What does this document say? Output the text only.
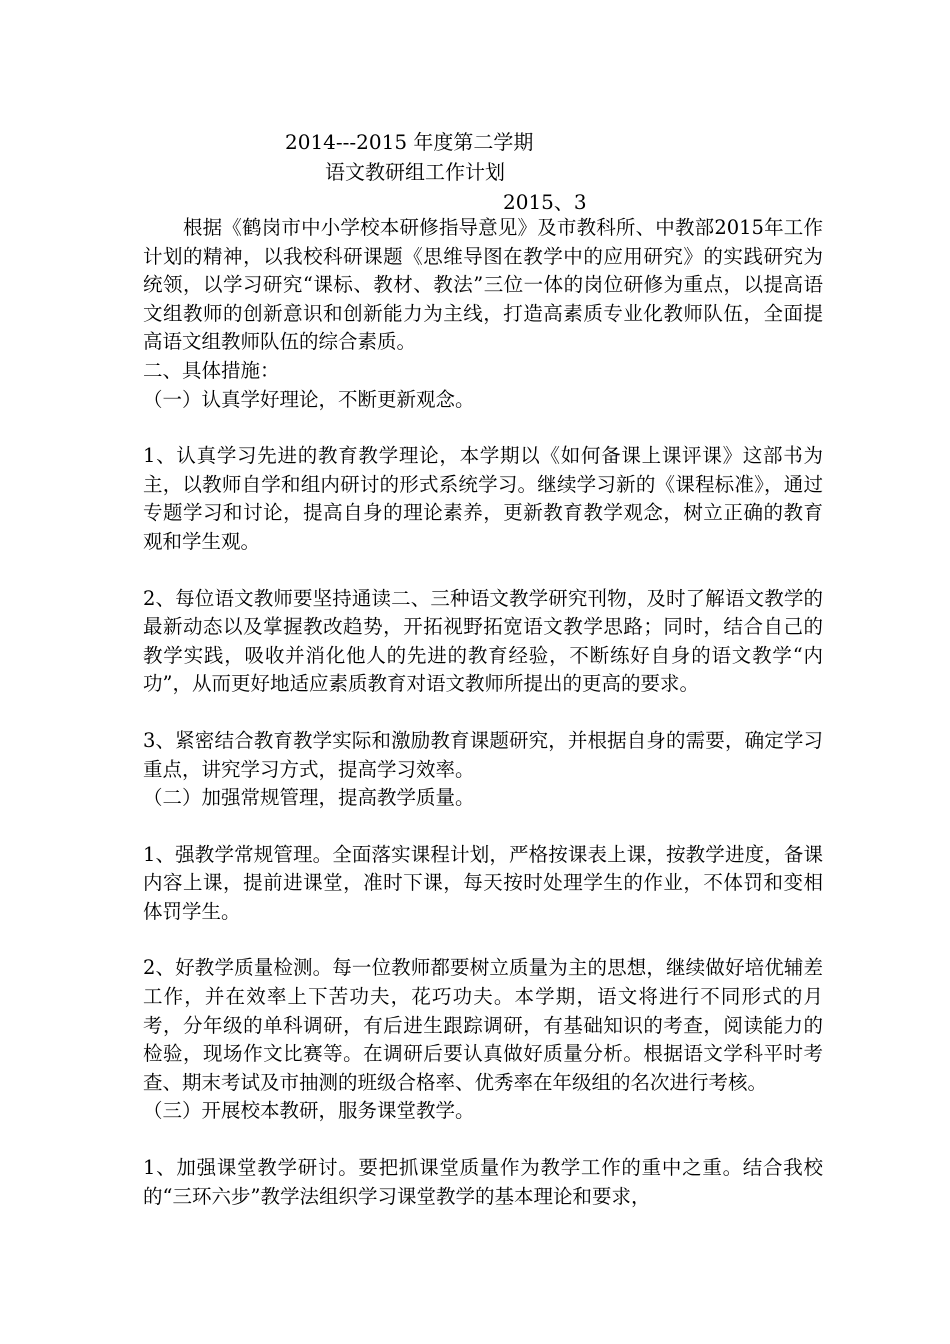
2014---2015 年度第二学期
语文教研组工作计划
2015、3

根据《鹤岗市中小学校本研修指导意见》及市教科所、中教部2015年工作计划的精神，以我校科研课题《思维导图在教学中的应用研究》的实践研究为统领，以学习研究“课标、教材、教法”三位一体的岗位研修为重点，以提高语文组教师的创新意识和创新能力为主线，打造高素质专业化教师队伍，全面提高语文组教师队伍的综合素质。

二、具体措施：

（一）认真学好理论，不断更新观念。

1、认真学习先进的教育教学理论，本学期以《如何备课上课评课》这部书为主，以教师自学和组内研讨的形式系统学习。继续学习新的《课程标准》，通过专题学习和讨论，提高自身的理论素养，更新教育教学观念，树立正确的教育观和学生观。

2、每位语文教师要坚持通读二、三种语文教学研究刊物，及时了解语文教学的最新动态以及掌握教改趋势，开拓视野拓宽语文教学思路；同时，结合自己的教学实践，吸收并消化他人的先进的教育经验，不断练好自身的语文教学“内功”，从而更好地适应素质教育对语文教师所提出的更高的要求。

3、紧密结合教育教学实际和激励教育课题研究，并根据自身的需要，确定学习重点，讲究学习方式，提高学习效率。

（二）加强常规管理，提高教学质量。

1、强教学常规管理。全面落实课程计划，严格按课表上课，按教学进度，备课内容上课，提前进课堂，准时下课，每天按时处理学生的作业，不体罚和变相体罚学生。

2、好教学质量检测。每一位教师都要树立质量为主的思想，继续做好培优辅差工作，并在效率上下苦功夫，花巧功夫。本学期，语文将进行不同形式的月考，分年级的单科调研，有后进生跟踪调研，有基础知识的考查，阅读能力的检验，现场作文比赛等。在调研后要认真做好质量分析。根据语文学科平时考查、期末考试及市抽测的班级合格率、优秀率在年级组的名次进行考核。

（三）开展校本教研，服务课堂教学。

1、加强课堂教学研讨。要把抓课堂质量作为教学工作的重中之重。结合我校的“三环六步”教学法组织学习课堂教学的基本理论和要求，
